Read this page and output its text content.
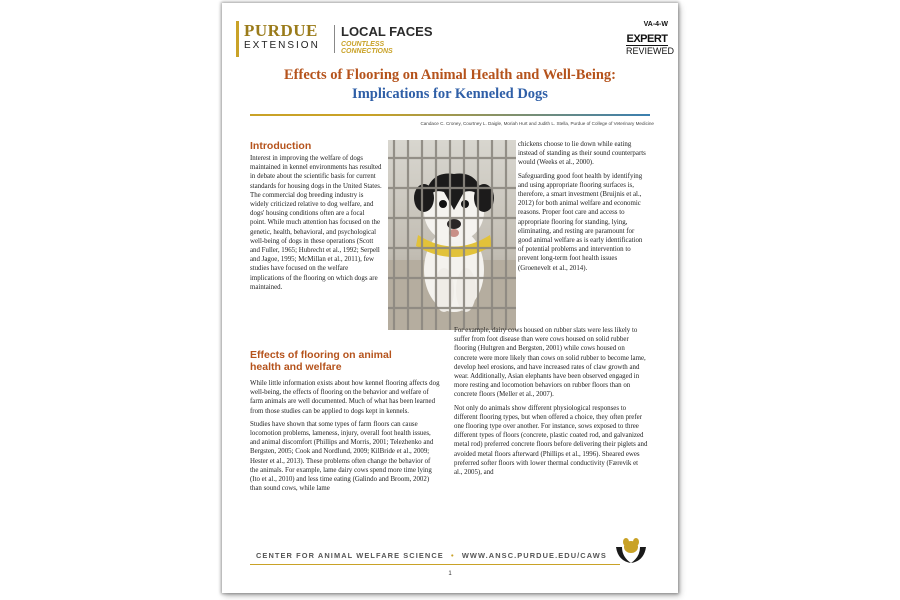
PURDUE
EXTENSION
LOCAL FACES
COUNTLESS CONNECTIONS
VA-4-W
EXPERT
REVIEWED
Effects of Flooring on Animal Health and Well-Being:
Implications for Kenneled Dogs
Candace C. Croney, Courtney L. Daigle, Moriah Hurt and Judith L. Stella, Purdue of College of Veterinary Medicine
Introduction

Interest in improving the welfare of dogs maintained in kennel environments has resulted in debate about the scientific basis for current standards for housing dogs in the United States. The commercial dog breeding industry is widely criticized relative to dog welfare, and dogs' housing conditions often are a focal point. While much attention has focused on the genetic, health, behavioral, and psychological well-being of dogs in these operations (Scott and Fuller, 1965; Hubrecht et al., 1992; Serpell and Jagoe, 1995; McMillan et al., 2011), few studies have focused on the welfare implications of the flooring on which dogs are maintained.

Effects of flooring on animal health and welfare

While little information exists about how kennel flooring affects dog well-being, the effects of flooring on the behavior and welfare of farm animals are well documented. Much of what has been learned from those studies can be applied to dogs kept in kennels.

Studies have shown that some types of farm floors can cause locomotion problems, lameness, injury, overall foot health issues, and animal discomfort (Phillips and Morris, 2001; Telezhenko and Bergsten, 2005; Cook and Nordlund, 2009; KilBride et al., 2009; Hester et al., 2013). These problems often change the behavior of the animals. For example, lame dairy cows spend more time lying (Ito et al., 2010) and less time eating (Galindo and Broom, 2002) than sound cows, while lame

chickens choose to lie down while eating instead of standing as their sound counterparts would (Weeks et al., 2000).

Safeguarding good foot health by identifying and using appropriate flooring surfaces is, therefore, a smart investment (Bruijnis et al., 2012) for both animal welfare and economic reasons. Proper foot care and access to appropriate flooring for standing, lying, eliminating, and resting are paramount for good animal welfare as is early identification of potential problems and intervention to prevent long-term foot health issues (Groenevelt et al., 2014).

For example, dairy cows housed on rubber slats were less likely to suffer from foot disease than were cows housed on solid rubber flooring (Hultgren and Bergsten, 2001) while cows housed on concrete were more likely than cows on solid rubber to become lame, develop heel erosions, and have increased rates of claw growth and wear. Additionally, Asian elephants have been observed engaged in more resting and locomotion behaviors on rubber floors than on concrete floors (Meller et al., 2007).

Not only do animals show different physiological responses to different flooring types, but when offered a choice, they often prefer one flooring type over another. For instance, sows exposed to three different types of floors (concrete, plastic coated rod, and galvanized metal rod) preferred concrete floors before delivering their piglets and avoided metal floors afterward (Phillips et al., 1996). Sheared ewes preferred softer floors with lower thermal conductivity (Færevik et al., 2005), and

CENTER FOR ANIMAL WELFARE SCIENCE • WWW.ANSC.PURDUE.EDU/CAWS
1
